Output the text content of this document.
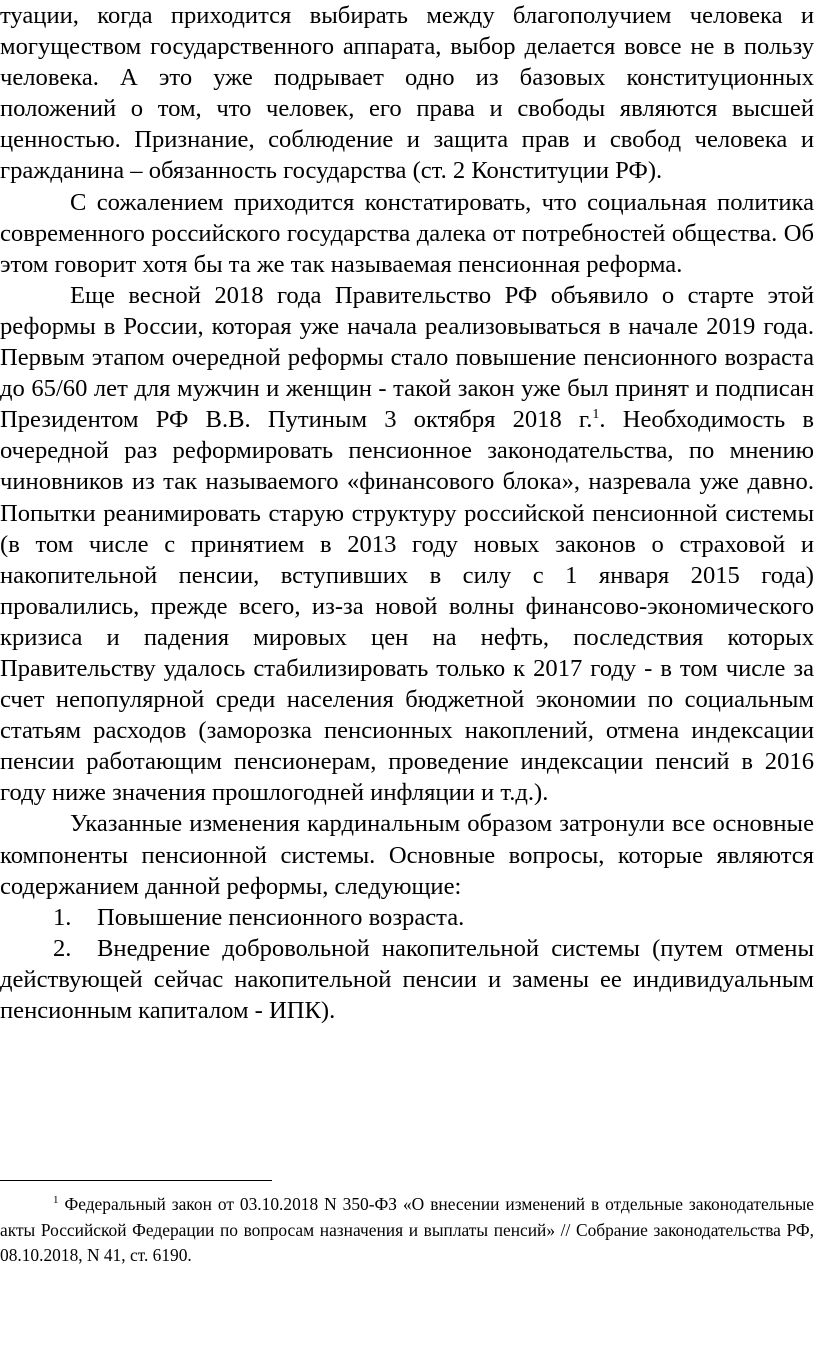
туации, когда приходится выбирать между благополучием человека и могуществом государственного аппарата, выбор делается вовсе не в пользу человека. А это уже подрывает одно из базовых конституционных положений о том, что человек, его права и свободы являются высшей ценностью. Признание, соблюдение и защита прав и свобод человека и гражданина – обязанность государства (ст. 2 Конституции РФ).

С сожалением приходится констатировать, что социальная политика современного российского государства далека от потребностей общества. Об этом говорит хотя бы та же так называемая пенсионная реформа.

Еще весной 2018 года Правительство РФ объявило о старте этой реформы в России, которая уже начала реализовываться в начале 2019 года. Первым этапом очередной реформы стало повышение пенсионного возраста до 65/60 лет для мужчин и женщин - такой закон уже был принят и подписан Президентом РФ В.В. Путиным 3 октября 2018 г.$^1$. Необходимость в очередной раз реформировать пенсионное законодательства, по мнению чиновников из так называемого «финансового блока», назревала уже давно. Попытки реанимировать старую структуру российской пенсионной системы (в том числе с принятием в 2013 году новых законов о страховой и накопительной пенсии, вступивших в силу с 1 января 2015 года) провалились, прежде всего, из-за новой волны финансово-экономического кризиса и падения мировых цен на нефть, последствия которых Правительству удалось стабилизировать только к 2017 году - в том числе за счет непопулярной среди населения бюджетной экономии по социальным статьям расходов (заморозка пенсионных накоплений, отмена индексации пенсии работающим пенсионерам, проведение индексации пенсий в 2016 году ниже значения прошлогодней инфляции и т.д.).

Указанные изменения кардинальным образом затронули все основные компоненты пенсионной системы. Основные вопросы, которые являются содержанием данной реформы, следующие:

1. Повышение пенсионного возраста.

2. Внедрение добровольной накопительной системы (путем отмены действующей сейчас накопительной пенсии и замены ее индивидуальным пенсионным капиталом - ИПК).

$^1$ Федеральный закон от 03.10.2018 N 350-ФЗ «О внесении изменений в отдельные законодательные акты Российской Федерации по вопросам назначения и выплаты пенсий» // Собрание законодательства РФ, 08.10.2018, N 41, ст. 6190.
